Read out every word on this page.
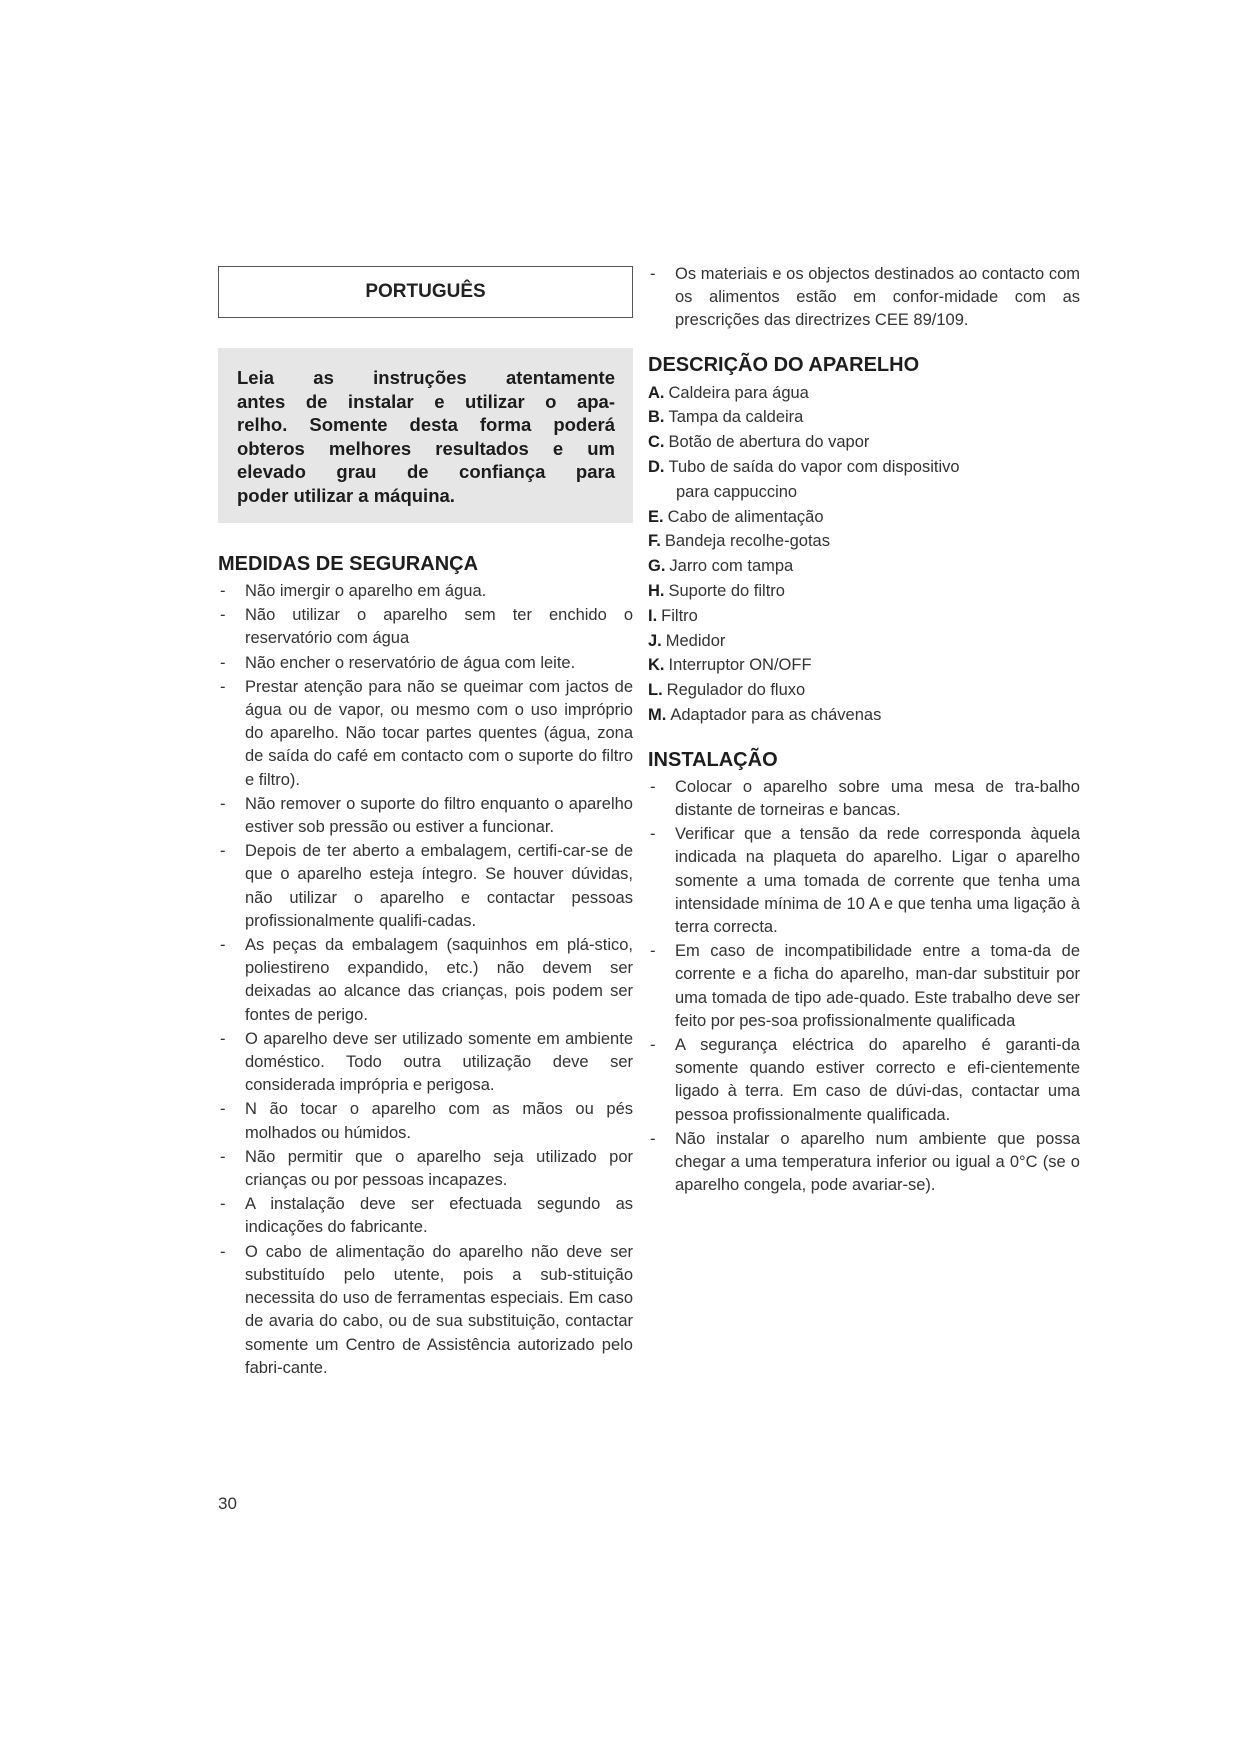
PORTUGUÊS
Leia as instruções atentamente
antes de instalar e utilizar o apa-
relho. Somente desta forma poderá
obteros melhores resultados e um
elevado grau de confiança para
poder utilizar a máquina.
MEDIDAS DE SEGURANÇA
- Não imergir o aparelho em água.
- Não utilizar o aparelho sem ter enchido o reservatório com água
- Não encher o reservatório de água com leite.
- Prestar atenção para não se queimar com jactos de água ou de vapor, ou mesmo com o uso impróprio do aparelho. Não tocar partes quentes (água, zona de saída do café em contacto com o suporte do filtro e filtro).
- Não remover o suporte do filtro enquanto o aparelho estiver sob pressão ou estiver a funcionar.
- Depois de ter aberto a embalagem, certifi-car-se de que o aparelho esteja íntegro. Se houver dúvidas, não utilizar o aparelho e contactar pessoas profissionalmente qualifi-cadas.
- As peças da embalagem (saquinhos em plá-stico, poliestireno expandido, etc.) não devem ser deixadas ao alcance das crianças, pois podem ser fontes de perigo.
- O aparelho deve ser utilizado somente em ambiente doméstico. Todo outra utilização deve ser considerada imprópria e perigosa.
- N ão tocar o aparelho com as mãos ou pés molhados ou húmidos.
- Não permitir que o aparelho seja utilizado por crianças ou por pessoas incapazes.
- A instalação deve ser efectuada segundo as indicações do fabricante.
- O cabo de alimentação do aparelho não deve ser substituído pelo utente, pois a sub-stituição necessita do uso de ferramentas especiais. Em caso de avaria do cabo, ou de sua substituição, contactar somente um Centro de Assistência autorizado pelo fabri-cante.
- Os materiais e os objectos destinados ao contacto com os alimentos estão em confor-midade com as prescrições das directrizes CEE 89/109.
DESCRIÇÃO DO APARELHO
A. Caldeira para água
B. Tampa da caldeira
C. Botão de abertura do vapor
D. Tubo de saída do vapor com dispositivo
para cappuccino
E. Cabo de alimentação
F. Bandeja recolhe-gotas
G. Jarro com tampa
H. Suporte do filtro
I. Filtro
J. Medidor
K. Interruptor ON/OFF
L. Regulador do fluxo
M. Adaptador para as chávenas
INSTALAÇÃO
- Colocar o aparelho sobre uma mesa de tra-balho distante de torneiras e bancas.
- Verificar que a tensão da rede corresponda àquela indicada na plaqueta do aparelho. Ligar o aparelho somente a uma tomada de corrente que tenha uma intensidade mínima de 10 A e que tenha uma ligação à terra correcta.
- Em caso de incompatibilidade entre a toma-da de corrente e a ficha do aparelho, man-dar substituir por uma tomada de tipo ade-quado. Este trabalho deve ser feito por pes-soa profissionalmente qualificada
- A segurança eléctrica do aparelho é garanti-da somente quando estiver correcto e efi-cientemente ligado à terra. Em caso de dúvi-das, contactar uma pessoa profissionalmente qualificada.
- Não instalar o aparelho num ambiente que possa chegar a uma temperatura inferior ou igual a 0°C (se o aparelho congela, pode avariar-se).
30
